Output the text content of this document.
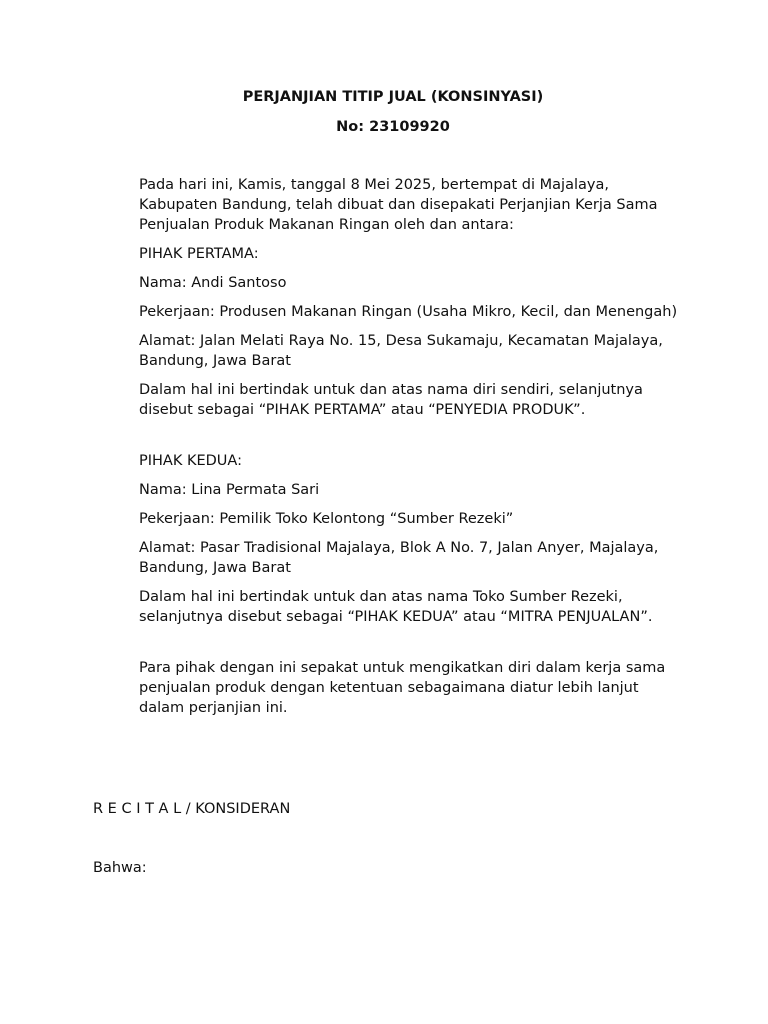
PERJANJIAN TITIP JUAL (KONSINYASI)

No: 23109920

Pada hari ini, Kamis, tanggal 8 Mei 2025, bertempat di Majalaya, Kabupaten Bandung, telah dibuat dan disepakati Perjanjian Kerja Sama Penjualan Produk Makanan Ringan oleh dan antara:

PIHAK PERTAMA:

Nama: Andi Santoso

Pekerjaan: Produsen Makanan Ringan (Usaha Mikro, Kecil, dan Menengah)

Alamat: Jalan Melati Raya No. 15, Desa Sukamaju, Kecamatan Majalaya, Bandung, Jawa Barat

Dalam hal ini bertindak untuk dan atas nama diri sendiri, selanjutnya disebut sebagai “PIHAK PERTAMA” atau “PENYEDIA PRODUK”.

PIHAK KEDUA:

Nama: Lina Permata Sari

Pekerjaan: Pemilik Toko Kelontong “Sumber Rezeki”

Alamat: Pasar Tradisional Majalaya, Blok A No. 7, Jalan Anyer, Majalaya, Bandung, Jawa Barat

Dalam hal ini bertindak untuk dan atas nama Toko Sumber Rezeki, selanjutnya disebut sebagai “PIHAK KEDUA” atau “MITRA PENJUALAN”.

Para pihak dengan ini sepakat untuk mengikatkan diri dalam kerja sama penjualan produk dengan ketentuan sebagaimana diatur lebih lanjut dalam perjanjian ini.

R E C I T A L / KONSIDERAN

Bahwa:
